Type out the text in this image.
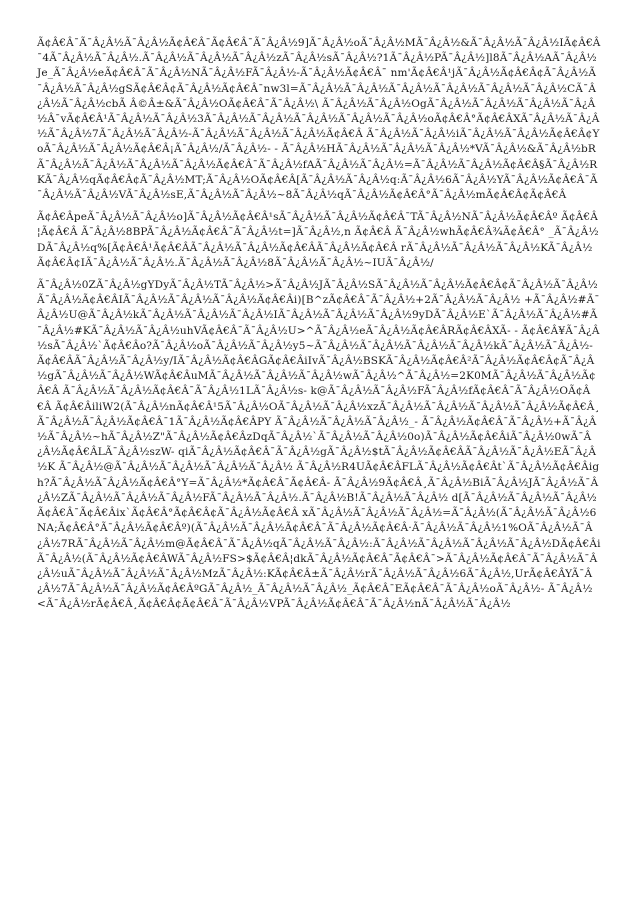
Ã¢Â€Â¯Ã¯Â¿Â½Ã¯Â¿Â½Ã¢Â€Â¯Ã¢Â€Â¯Ã¯Â¿Â½9]Ã¯Â¿Â½oÃ¯Â¿Â½MÃ¯Â¿Â½&Ã¯Â¿Â½Ã¯Â¿Â½IÃ¢Â€Â¯4Ã¯Â¿Â½Ã¯Â¿Â½.Ã¯Â¿Â½Ã¯Â¿Â½Ã¯Â¿Â½zÃ¯Â¿Â½sÃ¯Â¿Â½?1Ã¯Â¿Â½PÃ¯Â¿Â½]l8Ã¯Â¿Â½AÃ¯Â¿Â½Je_Ã¯Â¿Â½eÃ¢Â€Â¯Ã¯Â¿Â½NÃ¯Â¿Â½FÃ¯Â¿Â½-Ã¯Â¿Â½Ã¢Â€Â¯ nm'Ã¢Â€Â¹jÃ¯Â¿Â½Ã¢Â€Â¢Ã¯Â¿Â½Ã¯Â¿Â½Ã¯Â¿Â½gSÃ¢Â€Â¢Ã¯Â¿Â½Ã¢Â€Â¯nw3l=Ã¯Â¿Â½Ã¯Â¿Â½Ã¯Â¿Â½Ã¯Â¿Â½Ã¯Â¿Â½Ã¯Â¿Â½CÃ¯Â¿Â½Ã¯Â¿Â½cbÃ Â©Â±&Ã¯Â¿Â½OÃ¢Â€Â¯Ã¯Â¿Â½\ Ã¯Â¿Â½Ã¯Â¿Â½OgÃ¯Â¿Â½Ã¯Â¿Â½Ã¯Â¿Â½Ã¯Â¿Â½Â¯vÃ¢Â€Â¹Ã¯Â¿Â½Ã¯Â¿Â½3Ã¯Â¿Â½Ã¯Â¿Â½Ã¯Â¿Â½Ã¯Â¿Â½Ã¯Â¿Â½oÃ¢Â€Â°Ã¢Â€ÂXÃ¯Â¿Â½Ã¯Â¿Â½Ã¯Â¿Â½7Ã¯Â¿Â½Ã¯Â¿Â½-Ã¯Â¿Â½Ã¯Â¿Â½Ã¯Â¿Â½Ã¢Â€Â Ã¯Â¿Â½Ã¯Â¿Â½iÃ¯Â¿Â½Ã¯Â¿Â½Ã¢Â€Â¢YoÃ¯Â¿Â½Ã¯Â¿Â½Ã¢Â€Â¡Ã¯Â¿Â½/Ã¯Â¿Â½- - Ã¯Â¿Â½HÃ¯Â¿Â½Ã¯Â¿Â½Ã¯Â¿Â½*VÃ¯Â¿Â½&Ã¯Â¿Â½bRÃ¯Â¿Â½Ã¯Â¿Â½Ã¯Â¿Â½Ã¯Â¿Â½Ã¢Â€Â¯Ã¯Â¿Â½fAÃ¯Â¿Â½Ã¯Â¿Â½=Ã¯Â¿Â½Ã¯Â¿Â½Ã¢Â€Â§Ã¯Â¿Â½RKÃ¯Â¿Â½qÃ¢Â€Â¢Ã¯Â¿Â½MT;Ã¯Â¿Â½OÃ¢Â€Â[Ã¯Â¿Â½Ã¯Â¿Â½q:Ã¯Â¿Â½6Ã¯Â¿Â½YÃ¯Â¿Â½Ã¢Â€Â¯Ã¯Â¿Â½Ã¯Â¿Â½VÃ¯Â¿Â½sE,Ã¯Â¿Â½Ã¯Â¿Â½~8Ã¯Â¿Â½qÃ¯Â¿Â½Ã¢Â€Â°Ã¯Â¿Â½mÃ¢Â€Â¢Ã¢Â€Â

Ã¢Â€ÂpeÃ¯Â¿Â½Ã¯Â¿Â½o]Ã¯Â¿Â½Ã¢Â€Â¹sÃ¯Â¿Â½Ã¯Â¿Â½Ã¢Â€Â¯TÃ¯Â¿Â½NÃ¯Â¿Â½Ã¢Â€Âº Ã¢Â€Â¦Ã¢Â€Â Ã¯Â¿Â½8BPÃ¯Â¿Â½Ã¢Â€Â¯Ã¯Â¿Â½t=]Ã¯Â¿Â½,n Ã¢Â€Â Ã¯Â¿Â½whÃ¢Â€Â¾Ã¢Â€Â° _Ã¯Â¿Â½DÃ¯Â¿Â½q%[Ã¢Â€Â¹Ã¢Â€ÂÃ¯Â¿Â½Ã¯Â¿Â½Ã¢Â€ÂÃ¯Â¿Â½Ã¢Â€Â rÃ¯Â¿Â½Ã¯Â¿Â½Ã¯Â¿Â½KÃ¯Â¿Â½Ã¢Â€Â¢IÃ¯Â¿Â½Ã¯Â¿Â½.Ã¯Â¿Â½Ã¯Â¿Â½8Ã¯Â¿Â½Ã¯Â¿Â½~IUÃ¯Â¿Â½/

Ã¯Â¿Â½0ZÃ¯Â¿Â½gYDyÃ¯Â¿Â½TÃ¯Â¿Â½>Ã¯Â¿Â½JÃ¯Â¿Â½SÃ¯Â¿Â½Ã¯Â¿Â½Ã¢Â€Â¢Ã¯Â¿Â½Ã¯Â¿Â½Ã¯Â¿Â½Ã¢Â€ÂIÃ¯Â¿Â½Ã¯Â¿Â½Ã¯Â¿Â½Ã¢Â€Âi)[B^zÃ¢Â€Â¯Ã¯Â¿Â½+2Ã¯Â¿Â½Ã¯Â¿Â½ +Ã¯Â¿Â½#Ã¯Â¿Â½U@Ã¯Â¿Â½kÃ¯Â¿Â½Ã¯Â¿Â½Ã¯Â¿Â½IÃ¯Â¿Â½Ã¯Â¿Â½Ã¯Â¿Â½9yDÃ¯Â¿Â½E`Ã¯Â¿Â½Ã¯Â¿Â½#Ã¯Â¿Â½#KÃ¯Â¿Â½Ã¯Â¿Â½uhVÃ¢Â€Â¯Ã¯Â¿Â½U>^Ã¯Â¿Â½eÃ¯Â¿Â½Ã¢Â€ÂRÃ¢Â€ÂXÃ- - Ã¢Â€Â¥Ã¯Â¿Â½sÃ¯Â¿Â½`Ã¢Â€Âo?Ã¯Â¿Â½oÃ¯Â¿Â½Ã¯Â¿Â½y5~Ã¯Â¿Â½Ã¯Â¿Â½Ã¯Â¿Â½Ã¯Â¿Â½kÃ¯Â¿Â½Ã¯Â¿Â½- Ã¢Â€ÂÃ¯Â¿Â½Ã¯Â¿Â½y/IÃ¯Â¿Â½Ã¢Â€ÂGÃ¢Â€ÂiIvÃ¯Â¿Â½BSKÃ¯Â¿Â½Ã¢Â€Â²Ã¯Â¿Â½Ã¢Â€Â¢Ã¯Â¿Â½gÃ¯Â¿Â½Ã¯Â¿Â½WÃ¢Â€ÂuMÃ¯Â¿Â½Ã¯Â¿Â½Ã¯Â¿Â½wÃ¯Â¿Â½^Ã¯Â¿Â½=2K0MÃ¯Â¿Â½Ã¯Â¿Â½Ã¢Â€Â Ã¯Â¿Â½Ã¯Â¿Â½Ã¢Â€Â¯Ã¯Â¿Â½1LÃ¯Â¿Â½s- k@Ã¯Â¿Â½Ã¯Â¿Â½FÃ¯Â¿Â½fÃ¢Â€Â¯Ã¯Â¿Â½OÃ¢Â€Â Ã¢Â€ÂiliW2(Ã¯Â¿Â½nÃ¢Â€Â¹5Ã¯Â¿Â½OÃ¯Â¿Â½Ã¯Â¿Â½xzÃ¯Â¿Â½Ã¯Â¿Â½Ã¯Â¿Â½Ã¯Â¿Â½Ã¢Â€Â¸Ã¯Â¿Â½Ã¯Â¿Â½Ã¢Â€Â¯1Ã¯Â¿Â½Ã¢Â€ÂPY Ã¯Â¿Â½Ã¯Â¿Â½Ã¯Â¿Â½_- Ã¯Â¿Â½Ã¢Â€Â¯Ã¯Â¿Â½+Ã¯Â¿Â½Ã¯Â¿Â½~hÃ¯Â¿Â½Z"Ã¯Â¿Â½Ã¢Â€ÂzDqÃ¯Â¿Â½`Ã¯Â¿Â½Ã¯Â¿Â½0o)Ã¯Â¿Â½Ã¢Â€ÂiÃ¯Â¿Â½0wÃ¯Â¿Â½Ã¢Â€ÂLÃ¯Â¿Â½szW- qiÃ¯Â¿Â½Ã¢Â€Â¯Ã¯Â¿Â½gÃ¯Â¿Â½$tÃ¯Â¿Â½Ã¢Â€ÂÃ¯Â¿Â½Ã¯Â¿Â½EÃ¯Â¿Â½K Ã¯Â¿Â½@Ã¯Â¿Â½Ã¯Â¿Â½Ã¯Â¿Â½Ã¯Â¿Â½ Ã¯Â¿Â½R4UÃ¢Â€ÂFLÃ¯Â¿Â½Ã¢Â€Ât`Ã¯Â¿Â½Ã¢Â€Âigh?Ã¯Â¿Â½Ã¯Â¿Â½Ã¢Â€Â°Y=Ã¯Â¿Â½*Ã¢Â€Â¯Ã¢Â€Â- Ã¯Â¿Â½9Ã¢Â€Â¸Ã¯Â¿Â½BiÃ¯Â¿Â½JÃ¯Â¿Â½Ã¯Â¿Â½ZÃ¯Â¿Â½Ã¯Â¿Â½Ã¯Â¿Â½FÃ¯Â¿Â½Ã¯Â¿Â½.Ã¯Â¿Â½B!Ã¯Â¿Â½Ã¯Â¿Â½ d[Ã¯Â¿Â½Ã¯Â¿Â½Ã¯Â¿Â½Ã¢Â€Â¯Ã¢Â€Âix`Ã¢Â€Â°Ã¢Â€Â¢Ã¯Â¿Â½Ã¢Â€Â xÃ¯Â¿Â½Ã¯Â¿Â½Ã¯Â¿Â½=Ã¯Â¿Â½(Ã¯Â¿Â½Ã¯Â¿Â½6NA;Ã¢Â€Â°Ã¯Â¿Â½Ã¢Â€Âº)(Ã¯Â¿Â½Ã¯Â¿Â½Ã¢Â€Â¯Ã¯Â¿Â½Ã¢Â€Â·Ã¯Â¿Â½Ã¯Â¿Â½1%OÃ¯Â¿Â½Ã¯Â¿Â½7RÃ¯Â¿Â½Ã¯Â¿Â½m@Ã¢Â€Â¯Ã¯Â¿Â½qÃ¯Â¿Â½Ã¯Â¿Â½:Ã¯Â¿Â½Ã¯Â¿Â½Ã¯Â¿Â½Ã¯Â¿Â½DÃ¢Â€ÂiÃ¯Â¿Â½(Ã¯Â¿Â½Ã¢Â€ÂWÃ¯Â¿Â½FS>$Ã¢Â€Â¦dkÃ¯Â¿Â½Ã¢Â€Â¯Ã¢Â€Â¯>Ã¯Â¿Â½Ã¢Â€Â¯Ã¯Â¿Â½Ã¯Â¿Â½uÃ¯Â¿Â½Ã¯Â¿Â½Ã¯Â¿Â½MzÃ¯Â¿Â½:KÃ¢Â€Â±Ã¯Â¿Â½rÃ¯Â¿Â½Ã¯Â¿Â½6Ã¯Â¿Â½,UrÃ¢Â€ÂYÃ¯Â¿Â½7Ã¯Â¿Â½Ã¯Â¿Â½Ã¢Â€ÂºGÃ¯Â¿Â½_Ã¯Â¿Â½Ã¯Â¿Â½_Ã¢Â€Â¯EÃ¢Â€Â¯Ã¯Â¿Â½oÃ¯Â¿Â½- Ã¯Â¿Â½<Ã¯Â¿Â½rÃ¢Â€Â¸Ã¢Â€Â¢Ã¢Â€Â¯Ã¯Â¿Â½VPÃ¯Â¿Â½Ã¢Â€Â¯Ã¯Â¿Â½nÃ¯Â¿Â½Ã¯Â¿Â½
